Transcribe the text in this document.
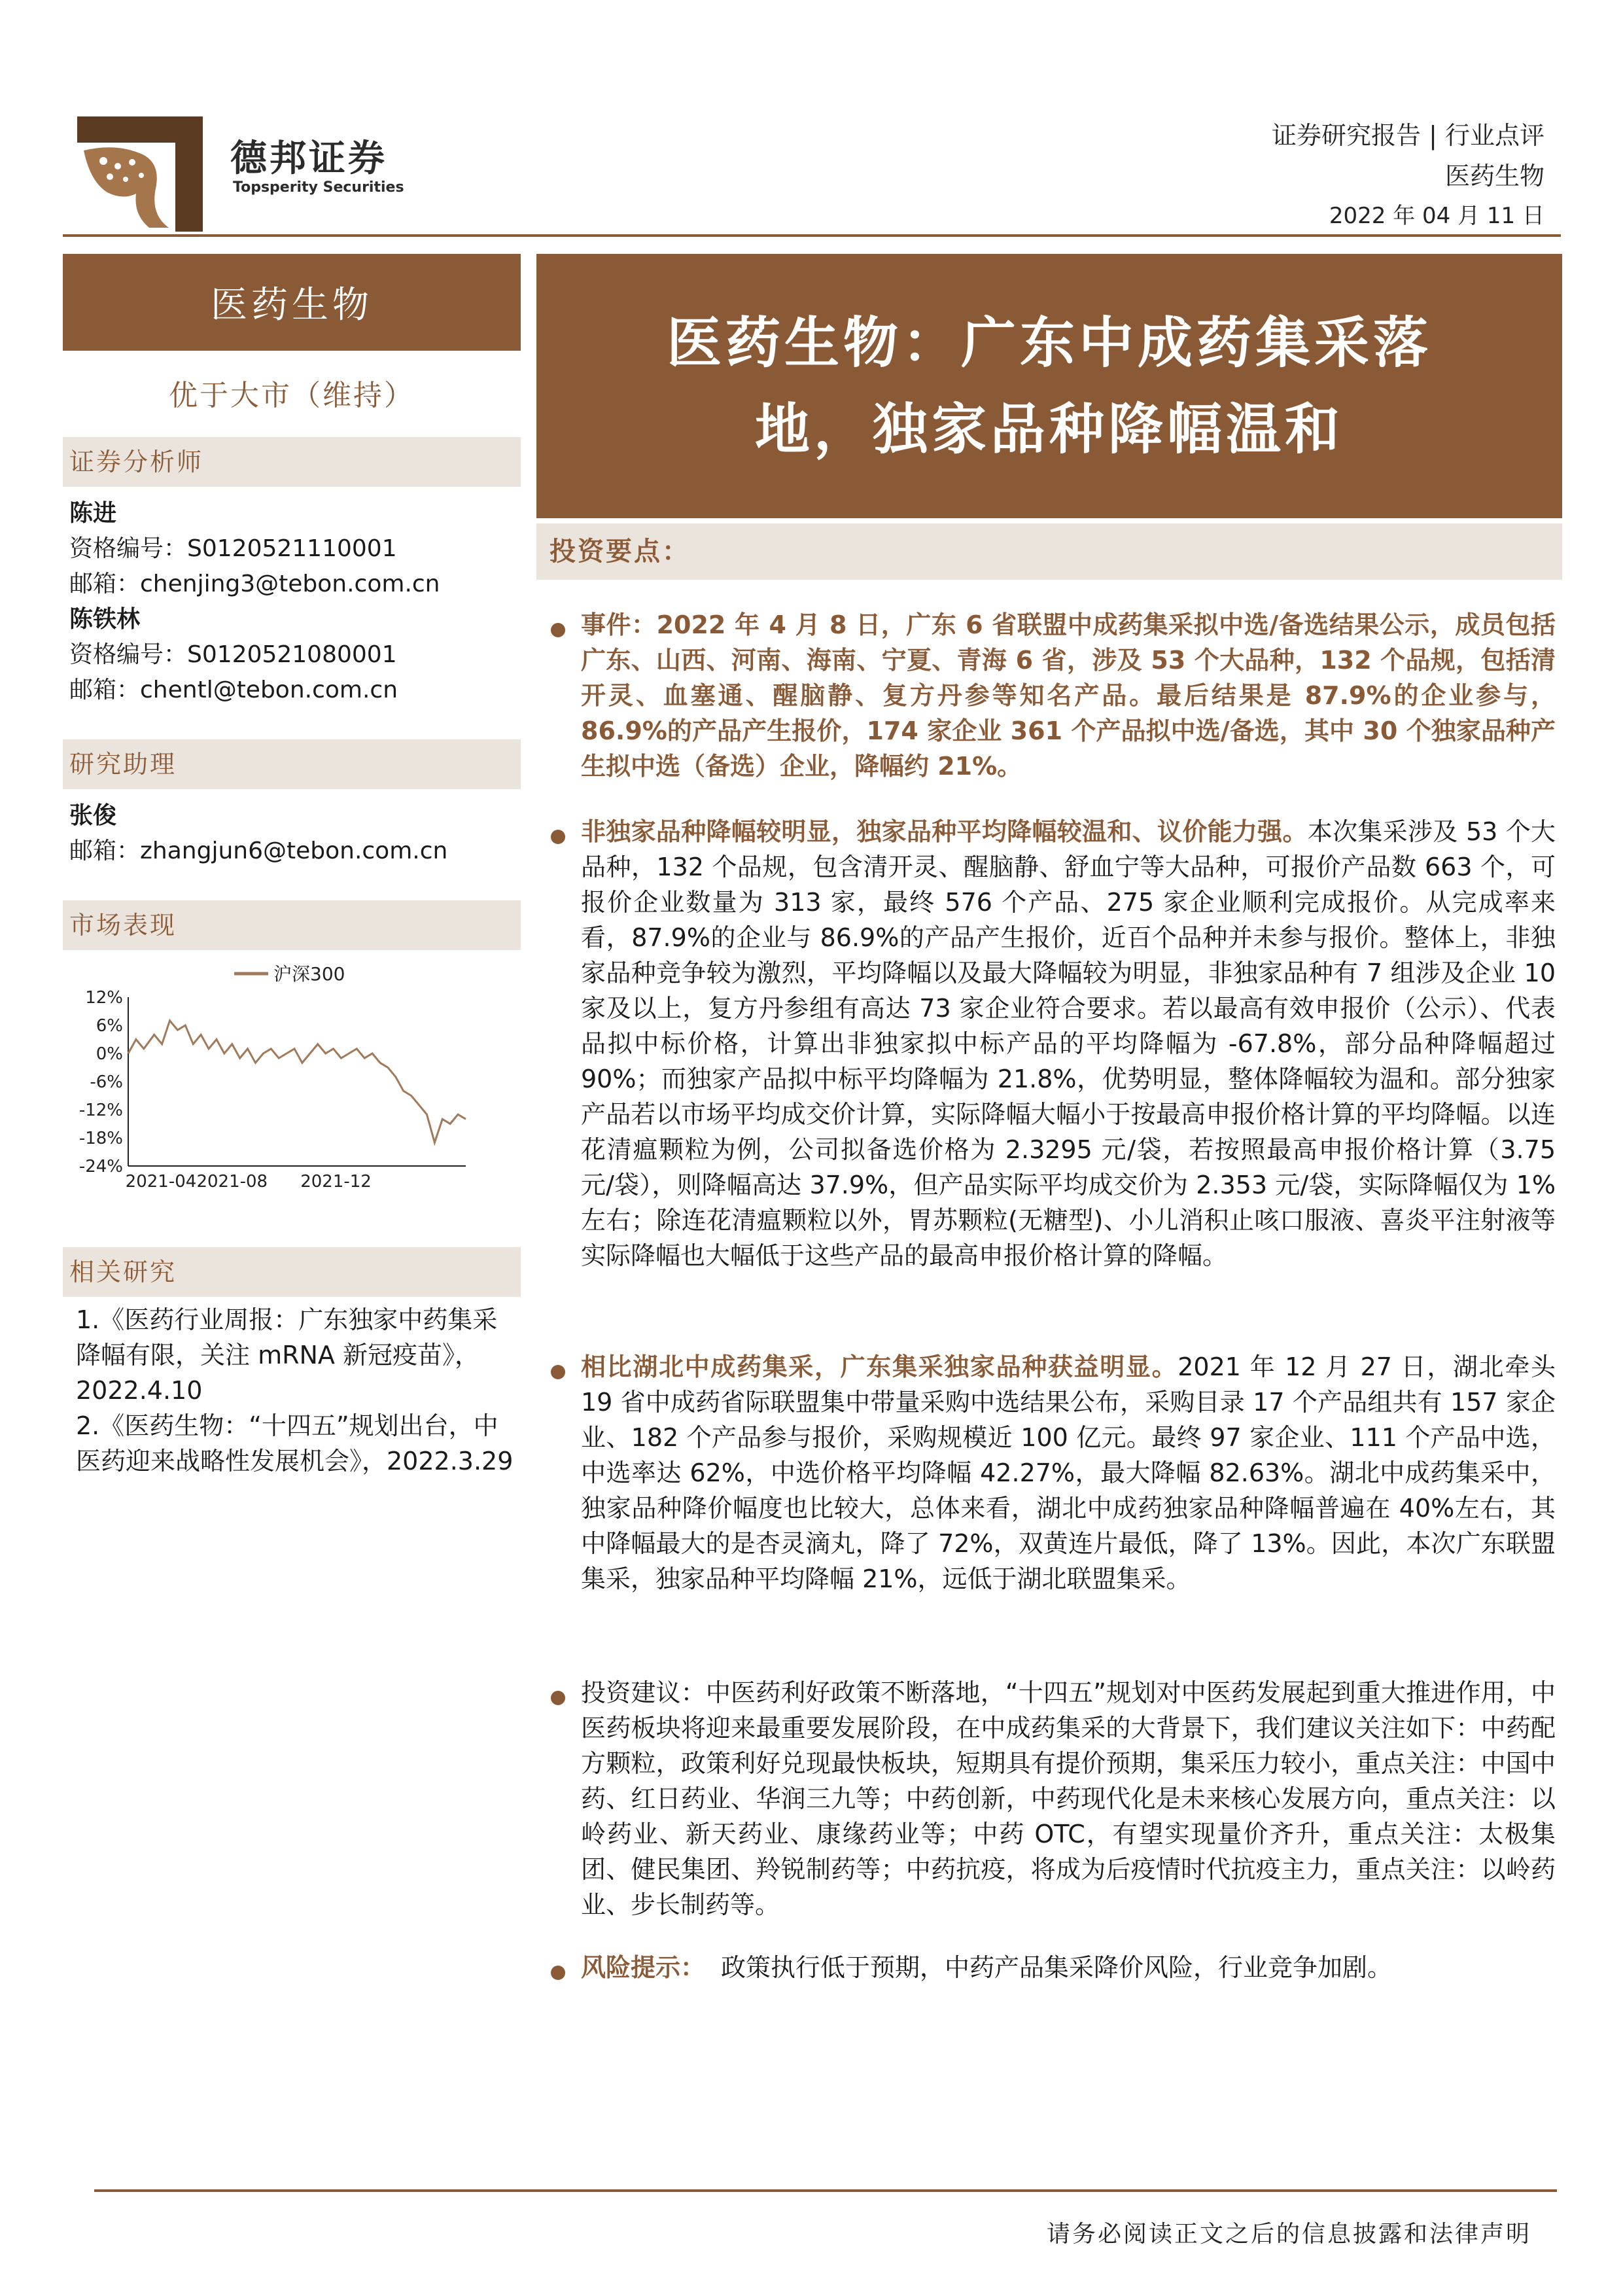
德邦证券
Topsperity Securities
证券研究报告 | 行业点评
医药生物
2022 年 04 月 11 日
医药生物
优于大市（维持）
证券分析师
陈进
资格编号：S0120521110001
邮箱：chenjing3@tebon.com.cn
陈铁林
资格编号：S0120521080001
邮箱：chentl@tebon.com.cn
研究助理
张俊
邮箱：zhangjun6@tebon.com.cn
市场表现
12%
6%
0%
-6%
-12%
-18%
-24%
2021-04 2021-08 2021-12
沪深300
相关研究
1.《医药行业周报：广东独家中药集采降幅有限，关注 mRNA 新冠疫苗》，2022.4.10
2.《医药生物：“十四五”规划出台，中医药迎来战略性发展机会》，2022.3.29
医药生物：广东中成药集采落
地，独家品种降幅温和
投资要点：
事件：2022 年 4 月 8 日，广东 6 省联盟中成药集采拟中选/备选结果公示，成员包括广东、山西、河南、海南、宁夏、青海 6 省，涉及 53 个大品种，132 个品规，包括清开灵、血塞通、醒脑静、复方丹参等知名产品。最后结果是 87.9%的企业参与，86.9%的产品产生报价，174 家企业 361 个产品拟中选/备选，其中 30 个独家品种产生拟中选（备选）企业，降幅约 21%。
非独家品种降幅较明显，独家品种平均降幅较温和、议价能力强。本次集采涉及 53 个大品种，132 个品规，包含清开灵、醒脑静、舒血宁等大品种，可报价产品数 663 个，可报价企业数量为 313 家，最终 576 个产品、275 家企业顺利完成报价。从完成率来看，87.9%的企业与 86.9%的产品产生报价，近百个品种并未参与报价。整体上，非独家品种竞争较为激烈，平均降幅以及最大降幅较为明显，非独家品种有 7 组涉及企业 10 家及以上，复方丹参组有高达 73 家企业符合要求。若以最高有效申报价（公示）、代表品拟中标价格，计算出非独家拟中标产品的平均降幅为 -67.8%，部分品种降幅超过 90%；而独家产品拟中标平均降幅为 21.8%，优势明显，整体降幅较为温和。部分独家产品若以市场平均成交价计算，实际降幅大幅小于按最高申报价格计算的平均降幅。以连花清瘟颗粒为例，公司拟备选价格为 2.3295 元/袋，若按照最高申报价格计算（3.75 元/袋），则降幅高达 37.9%，但产品实际平均成交价为 2.353 元/袋，实际降幅仅为 1%左右；除连花清瘟颗粒以外，胃苏颗粒(无糖型)、小儿消积止咳口服液、喜炎平注射液等实际降幅也大幅低于这些产品的最高申报价格计算的降幅。
相比湖北中成药集采，广东集采独家品种获益明显。2021 年 12 月 27 日，湖北牵头 19 省中成药省际联盟集中带量采购中选结果公布，采购目录 17 个产品组共有 157 家企业、182 个产品参与报价，采购规模近 100 亿元。最终 97 家企业、111 个产品中选，中选率达 62%，中选价格平均降幅 42.27%，最大降幅 82.63%。湖北中成药集采中，独家品种降价幅度也比较大，总体来看，湖北中成药独家品种降幅普遍在 40%左右，其中降幅最大的是杏灵滴丸，降了 72%，双黄连片最低，降了 13%。因此，本次广东联盟集采，独家品种平均降幅 21%，远低于湖北联盟集采。
投资建议：中医药利好政策不断落地，“十四五”规划对中医药发展起到重大推进作用，中医药板块将迎来最重要发展阶段，在中成药集采的大背景下，我们建议关注如下：中药配方颗粒，政策利好兑现最快板块，短期具有提价预期，集采压力较小，重点关注：中国中药、红日药业、华润三九等；中药创新，中药现代化是未来核心发展方向，重点关注：以岭药业、新天药业、康缘药业等；中药 OTC，有望实现量价齐升，重点关注：太极集团、健民集团、羚锐制药等；中药抗疫，将成为后疫情时代抗疫主力，重点关注：以岭药业、步长制药等。
风险提示： 政策执行低于预期，中药产品集采降价风险，行业竞争加剧。
请务必阅读正文之后的信息披露和法律声明
